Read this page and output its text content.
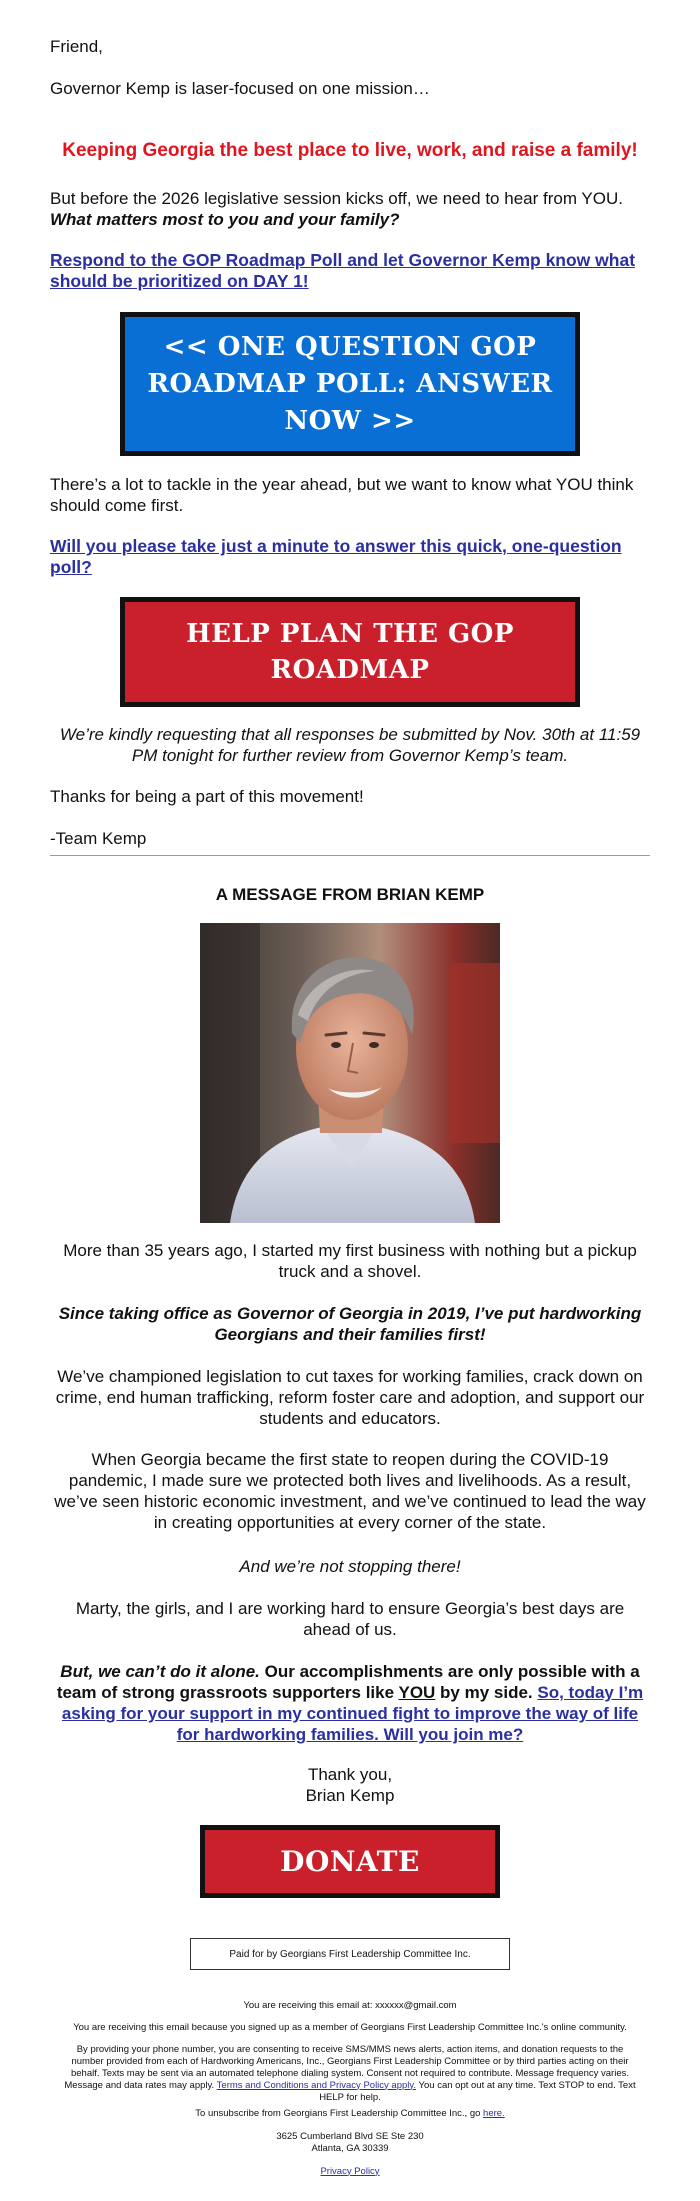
Friend,

Governor Kemp is laser-focused on one mission…

Keeping Georgia the best place to live, work, and raise a family!

But before the 2026 legislative session kicks off, we need to hear from YOU. What matters most to you and your family?

Respond to the GOP Roadmap Poll and let Governor Kemp know what should be prioritized on DAY 1!
<< ONE QUESTION GOP ROADMAP POLL: ANSWER NOW >>

There’s a lot to tackle in the year ahead, but we want to know what YOU think should come first.

Will you please take just a minute to answer this quick, one-question poll?
HELP PLAN THE GOP ROADMAP

We’re kindly requesting that all responses be submitted by Nov. 30th at 11:59 PM tonight for further review from Governor Kemp’s team.

Thanks for being a part of this movement!

-Team Kemp

A MESSAGE FROM BRIAN KEMP

More than 35 years ago, I started my first business with nothing but a pickup truck and a shovel.

Since taking office as Governor of Georgia in 2019, I’ve put hardworking Georgians and their families first!

We’ve championed legislation to cut taxes for working families, crack down on crime, end human trafficking, reform foster care and adoption, and support our students and educators.

When Georgia became the first state to reopen during the COVID-19 pandemic, I made sure we protected both lives and livelihoods. As a result, we’ve seen historic economic investment, and we’ve continued to lead the way in creating opportunities at every corner of the state.

And we’re not stopping there!

Marty, the girls, and I are working hard to ensure Georgia’s best days are ahead of us.

But, we can’t do it alone. Our accomplishments are only possible with a team of strong grassroots supporters like YOU by my side. So, today I’m asking for your support in my continued fight to improve the way of life for hardworking families. Will you join me?

Thank you,

Brian Kemp

DONATE
Paid for by Georgians First Leadership Committee Inc.

You are receiving this email at: xxxxxx@gmail.com

You are receiving this email because you signed up as a member of Georgians First Leadership Committee Inc.'s online community.

By providing your phone number, you are consenting to receive SMS/MMS news alerts, action items, and donation requests to the number provided from each of Hardworking Americans, Inc., Georgians First Leadership Committee or by third parties acting on their behalf. Texts may be sent via an automated telephone dialing system. Consent not required to contribute. Message frequency varies. Message and data rates may apply. Terms and Conditions and Privacy Policy apply. You can opt out at any time. Text STOP to end. Text HELP for help.

To unsubscribe from Georgians First Leadership Committee Inc., go here.

3625 Cumberland Blvd SE Ste 230

Atlanta, GA 30339

Privacy Policy
